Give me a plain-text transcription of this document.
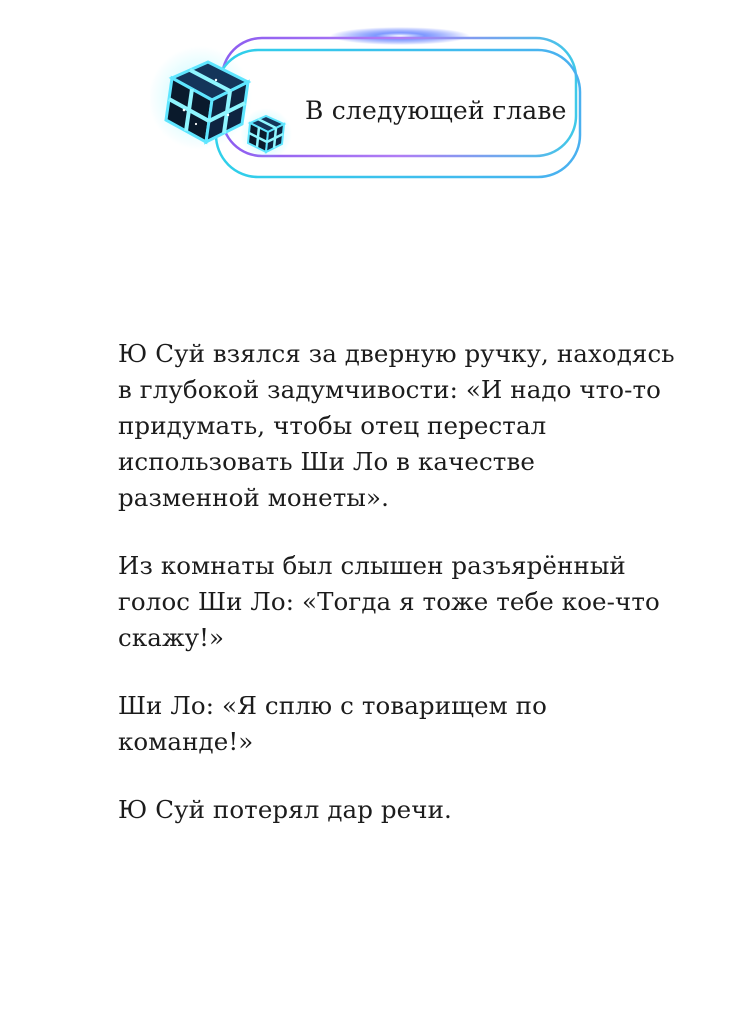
В следующей главе

Ю Суй взялся за дверную ручку, находясь в глубокой задумчивости: «И надо что-то придумать, чтобы отец перестал использовать Ши Ло в качестве разменной монеты».

Из комнаты был слышен разъярённый голос Ши Ло: «Тогда я тоже тебе кое-что скажу!»

Ши Ло: «Я сплю с товарищем по команде!»

Ю Суй потерял дар речи.
